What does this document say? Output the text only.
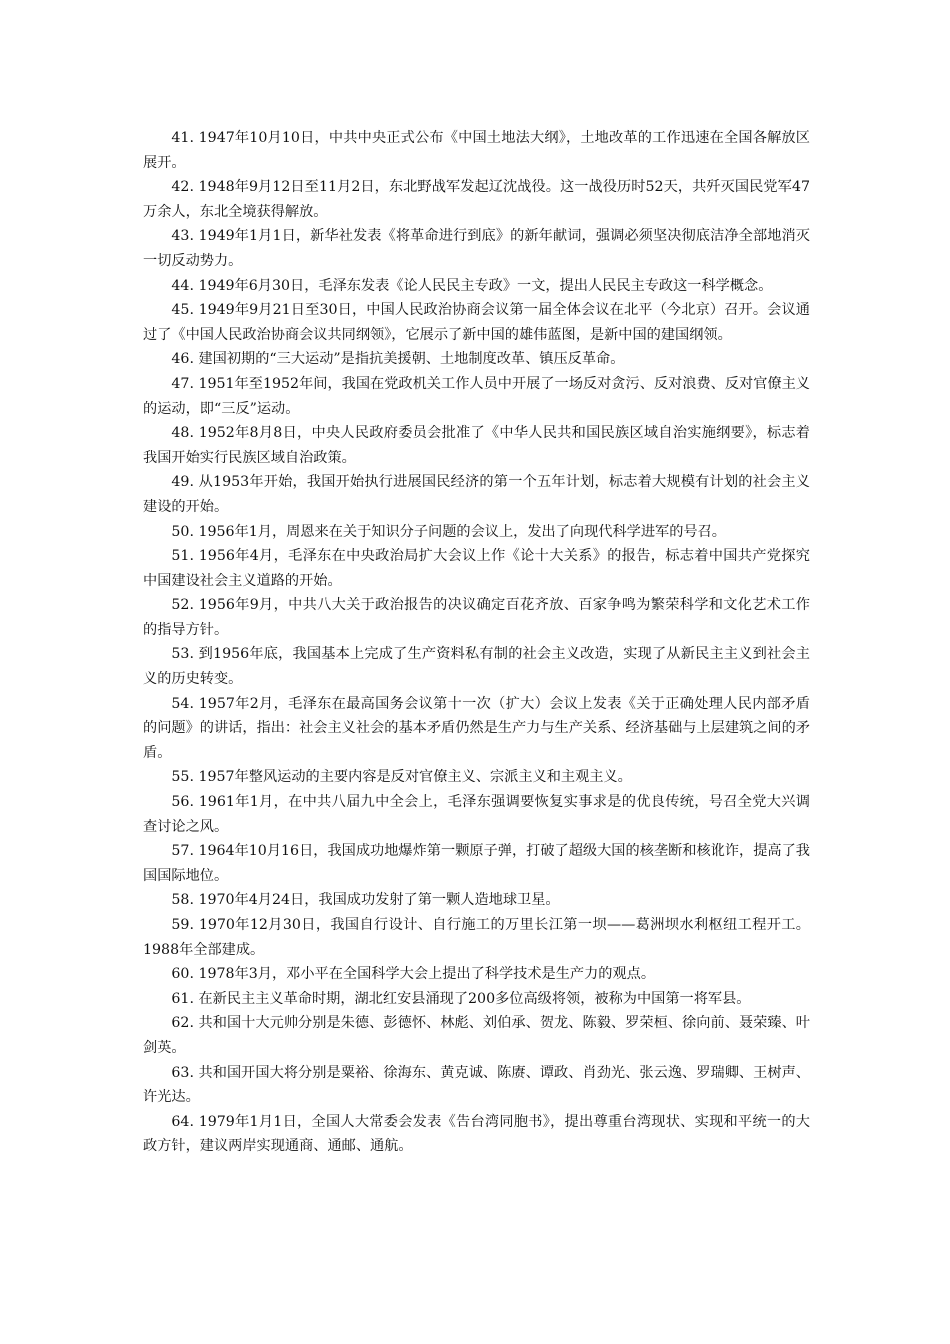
41. 1947年10月10日，中共中央正式公布《中国土地法大纲》，土地改革的工作迅速在全国各解放区展开。

42. 1948年9月12日至11月2日，东北野战军发起辽沈战役。这一战役历时52天，共歼灭国民党军47万余人，东北全境获得解放。

43. 1949年1月1日，新华社发表《将革命进行到底》的新年献词，强调必须坚决彻底洁净全部地消灭一切反动势力。

44. 1949年6月30日，毛泽东发表《论人民民主专政》一文，提出人民民主专政这一科学概念。

45. 1949年9月21日至30日，中国人民政治协商会议第一届全体会议在北平（今北京）召开。会议通过了《中国人民政治协商会议共同纲领》，它展示了新中国的雄伟蓝图，是新中国的建国纲领。

46. 建国初期的“三大运动”是指抗美援朝、土地制度改革、镇压反革命。

47. 1951年至1952年间，我国在党政机关工作人员中开展了一场反对贪污、反对浪费、反对官僚主义的运动，即“三反”运动。

48. 1952年8月8日，中央人民政府委员会批准了《中华人民共和国民族区域自治实施纲要》，标志着我国开始实行民族区域自治政策。

49. 从1953年开始，我国开始执行进展国民经济的第一个五年计划，标志着大规模有计划的社会主义建设的开始。

50. 1956年1月，周恩来在关于知识分子问题的会议上，发出了向现代科学进军的号召。

51. 1956年4月，毛泽东在中央政治局扩大会议上作《论十大关系》的报告，标志着中国共产党探究中国建设社会主义道路的开始。

52. 1956年9月，中共八大关于政治报告的决议确定百花齐放、百家争鸣为繁荣科学和文化艺术工作的指导方针。

53. 到1956年底，我国基本上完成了生产资料私有制的社会主义改造，实现了从新民主主义到社会主义的历史转变。

54. 1957年2月，毛泽东在最高国务会议第十一次（扩大）会议上发表《关于正确处理人民内部矛盾的问题》的讲话，指出：社会主义社会的基本矛盾仍然是生产力与生产关系、经济基础与上层建筑之间的矛盾。

55. 1957年整风运动的主要内容是反对官僚主义、宗派主义和主观主义。

56. 1961年1月，在中共八届九中全会上，毛泽东强调要恢复实事求是的优良传统，号召全党大兴调查讨论之风。

57. 1964年10月16日，我国成功地爆炸第一颗原子弹，打破了超级大国的核垄断和核讹诈，提高了我国国际地位。

58. 1970年4月24日，我国成功发射了第一颗人造地球卫星。

59. 1970年12月30日，我国自行设计、自行施工的万里长江第一坝——葛洲坝水利枢纽工程开工。1988年全部建成。

60. 1978年3月，邓小平在全国科学大会上提出了科学技术是生产力的观点。

61. 在新民主主义革命时期，湖北红安县涌现了200多位高级将领，被称为中国第一将军县。

62. 共和国十大元帅分别是朱德、彭德怀、林彪、刘伯承、贺龙、陈毅、罗荣桓、徐向前、聂荣臻、叶剑英。

63. 共和国开国大将分别是粟裕、徐海东、黄克诚、陈赓、谭政、肖劲光、张云逸、罗瑞卿、王树声、许光达。

64. 1979年1月1日，全国人大常委会发表《告台湾同胞书》，提出尊重台湾现状、实现和平统一的大政方针，建议两岸实现通商、通邮、通航。
